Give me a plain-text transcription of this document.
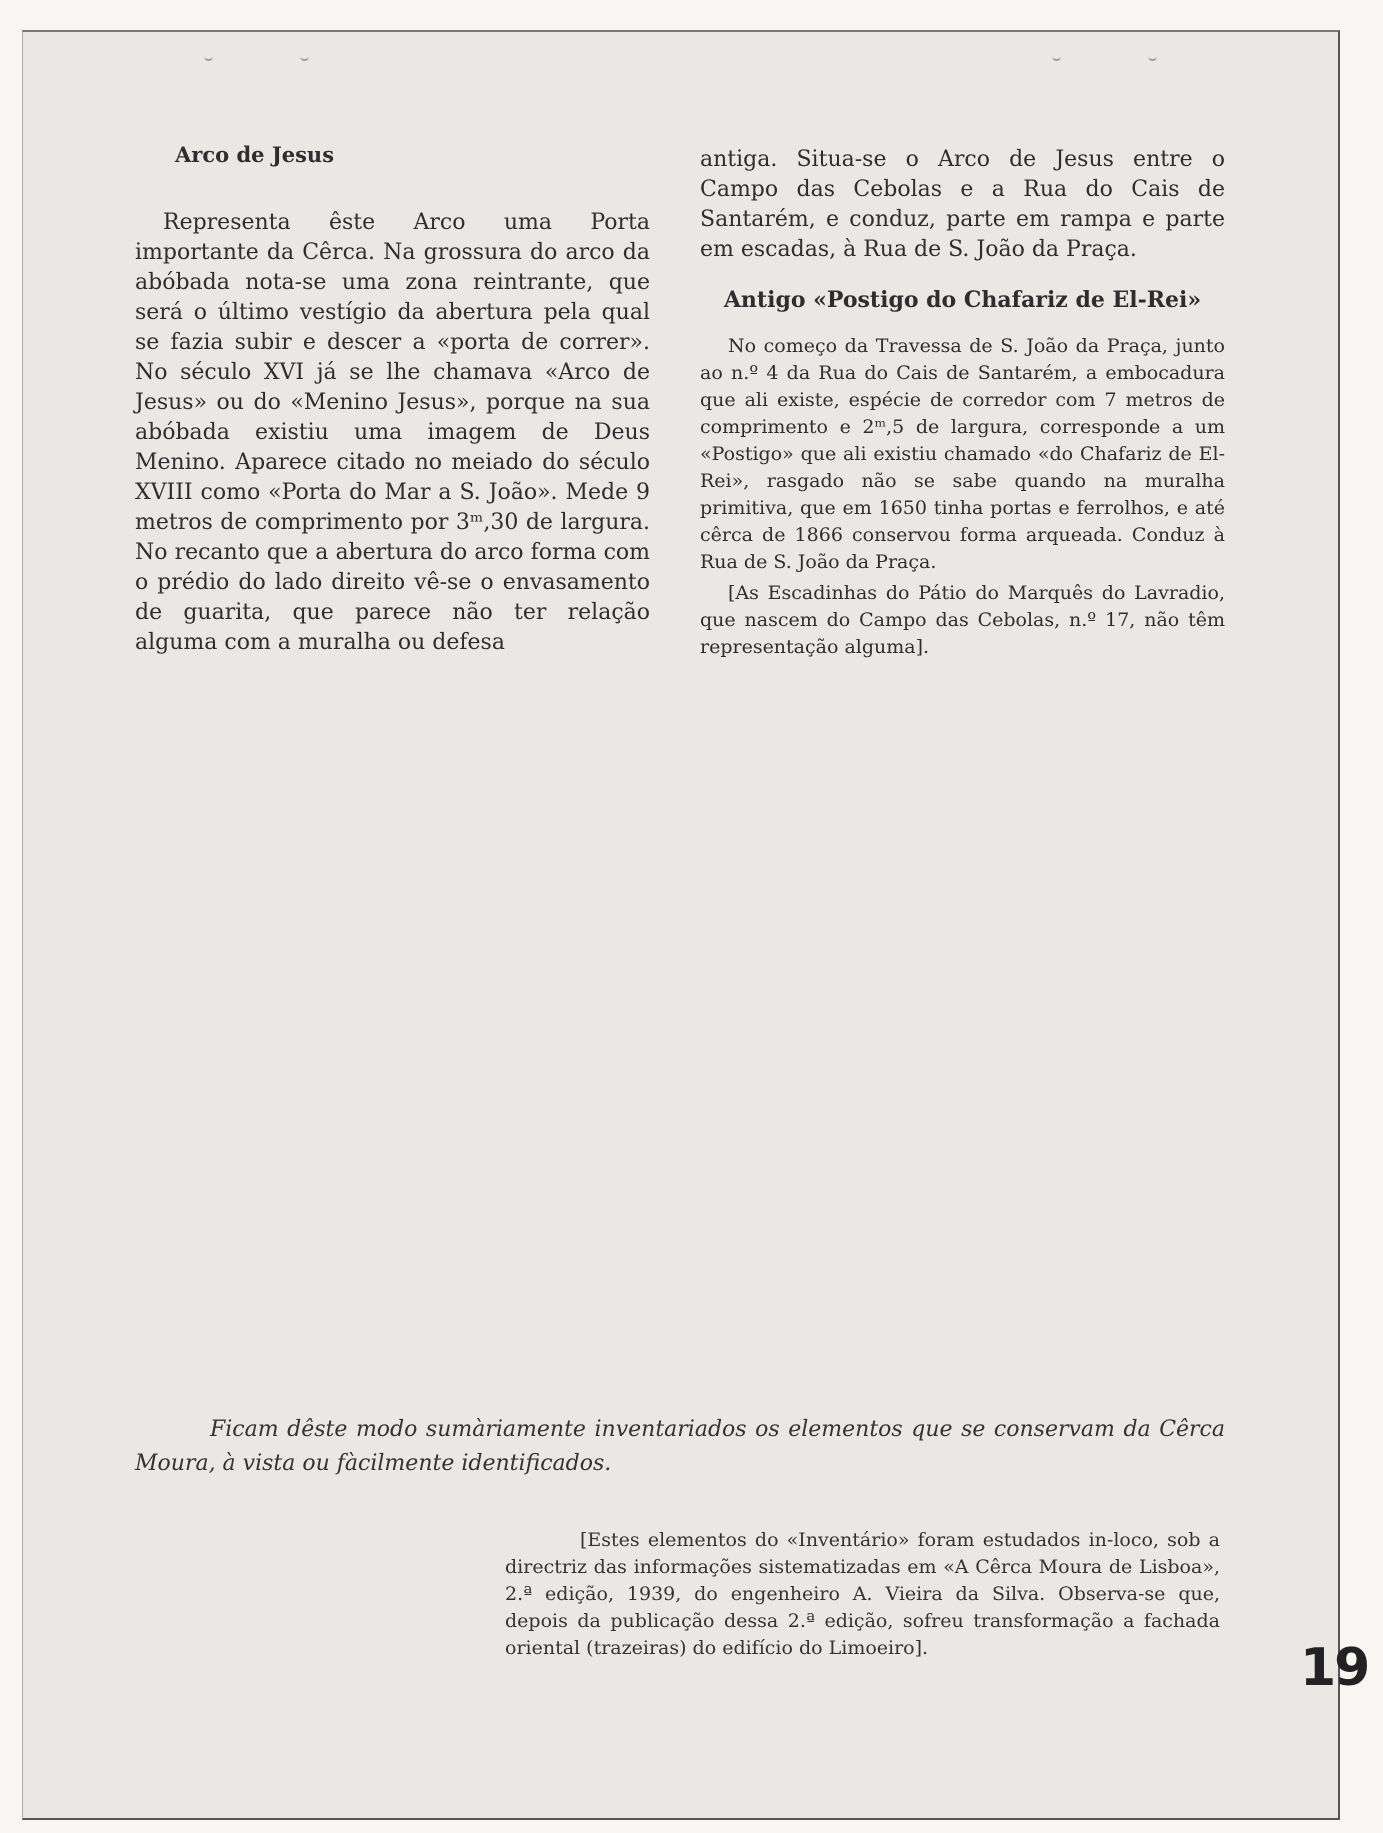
Arco de Jesus

Representa êste Arco uma Porta importante da Cêrca. Na grossura do arco da abóbada nota-se uma zona reintrante, que será o último vestígio da abertura pela qual se fazia subir e descer a «porta de correr». No século XVI já se lhe chamava «Arco de Jesus» ou do «Menino Jesus», porque na sua abóbada existiu uma imagem de Deus Menino. Aparece citado no meiado do século XVIII como «Porta do Mar a S. João». Mede 9 metros de comprimento por 3ᵐ,30 de largura. No recanto que a abertura do arco forma com o prédio do lado direito vê-se o envasamento de guarita, que parece não ter relação alguma com a muralha ou defesa

antiga. Situa-se o Arco de Jesus entre o Campo das Cebolas e a Rua do Cais de Santarém, e conduz, parte em rampa e parte em escadas, à Rua de S. João da Praça.

Antigo «Postigo do Chafariz de El-Rei»

No começo da Travessa de S. João da Praça, junto ao n.º 4 da Rua do Cais de Santarém, a embocadura que ali existe, espécie de corredor com 7 metros de comprimento e 2ᵐ,5 de largura, corresponde a um «Postigo» que ali existiu chamado «do Chafariz de El-Rei», rasgado não se sabe quando na muralha primitiva, que em 1650 tinha portas e ferrolhos, e até cêrca de 1866 conservou forma arqueada. Conduz à Rua de S. João da Praça.

[As Escadinhas do Pátio do Marquês do Lavradio, que nascem do Campo das Cebolas, n.º 17, não têm representação alguma].

Ficam dêste modo sumàriamente inventariados os elementos que se conservam da Cêrca Moura, à vista ou fàcilmente identificados.
[Estes elementos do «Inventário» foram estudados in-loco, sob a directriz das informações sistematizadas em «A Cêrca Moura de Lisboa», 2.ª edição, 1939, do engenheiro A. Vieira da Silva. Observa-se que, depois da publicação dessa 2.ª edição, sofreu transformação a fachada oriental (trazeiras) do edifício do Limoeiro].	19
